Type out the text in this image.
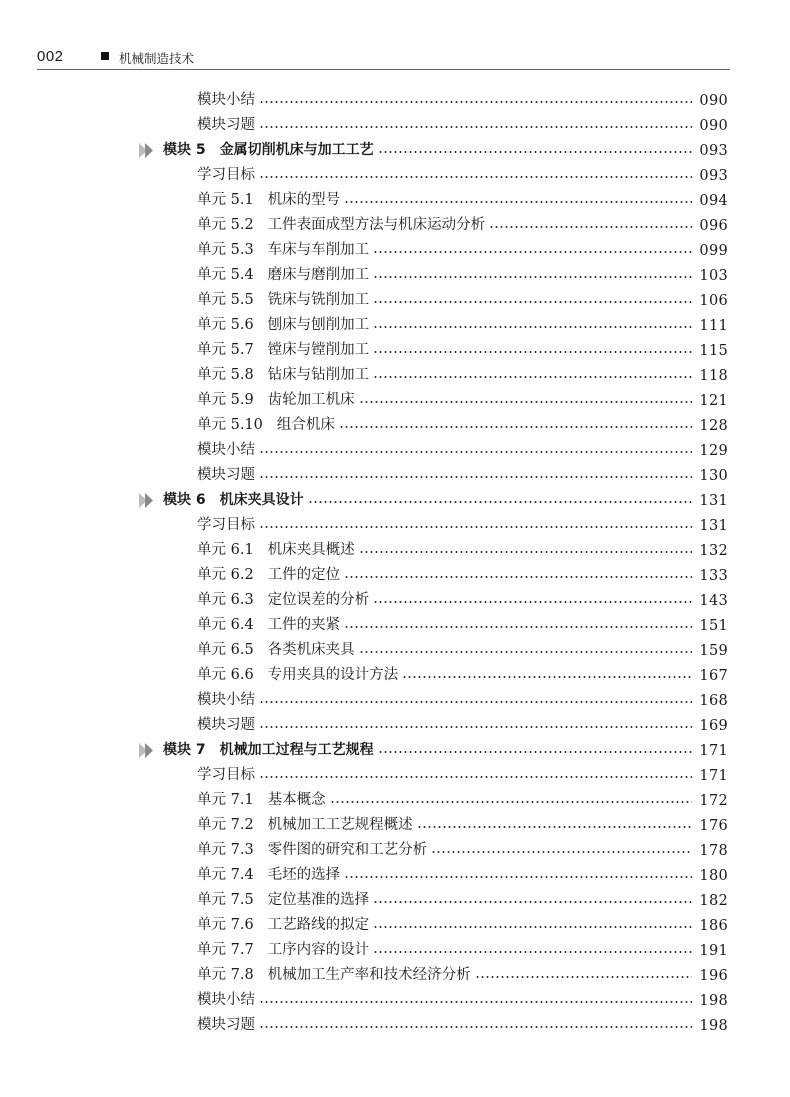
002	机械制造技术
模块小结	090
模块习题	090
模块 5 金属切削机床与加工工艺	093
学习目标	093
单元 5.1 机床的型号	094
单元 5.2 工件表面成型方法与机床运动分析	096
单元 5.3 车床与车削加工	099
单元 5.4 磨床与磨削加工	103
单元 5.5 铣床与铣削加工	106
单元 5.6 刨床与刨削加工	111
单元 5.7 镗床与镗削加工	115
单元 5.8 钻床与钻削加工	118
单元 5.9 齿轮加工机床	121
单元 5.10 组合机床	128
模块小结	129
模块习题	130
模块 6 机床夹具设计	131
学习目标	131
单元 6.1 机床夹具概述	132
单元 6.2 工件的定位	133
单元 6.3 定位误差的分析	143
单元 6.4 工件的夹紧	151
单元 6.5 各类机床夹具	159
单元 6.6 专用夹具的设计方法	167
模块小结	168
模块习题	169
模块 7 机械加工过程与工艺规程	171
学习目标	171
单元 7.1 基本概念	172
单元 7.2 机械加工工艺规程概述	176
单元 7.3 零件图的研究和工艺分析	178
单元 7.4 毛坯的选择	180
单元 7.5 定位基准的选择	182
单元 7.6 工艺路线的拟定	186
单元 7.7 工序内容的设计	191
单元 7.8 机械加工生产率和技术经济分析	196
模块小结	198
模块习题	198
